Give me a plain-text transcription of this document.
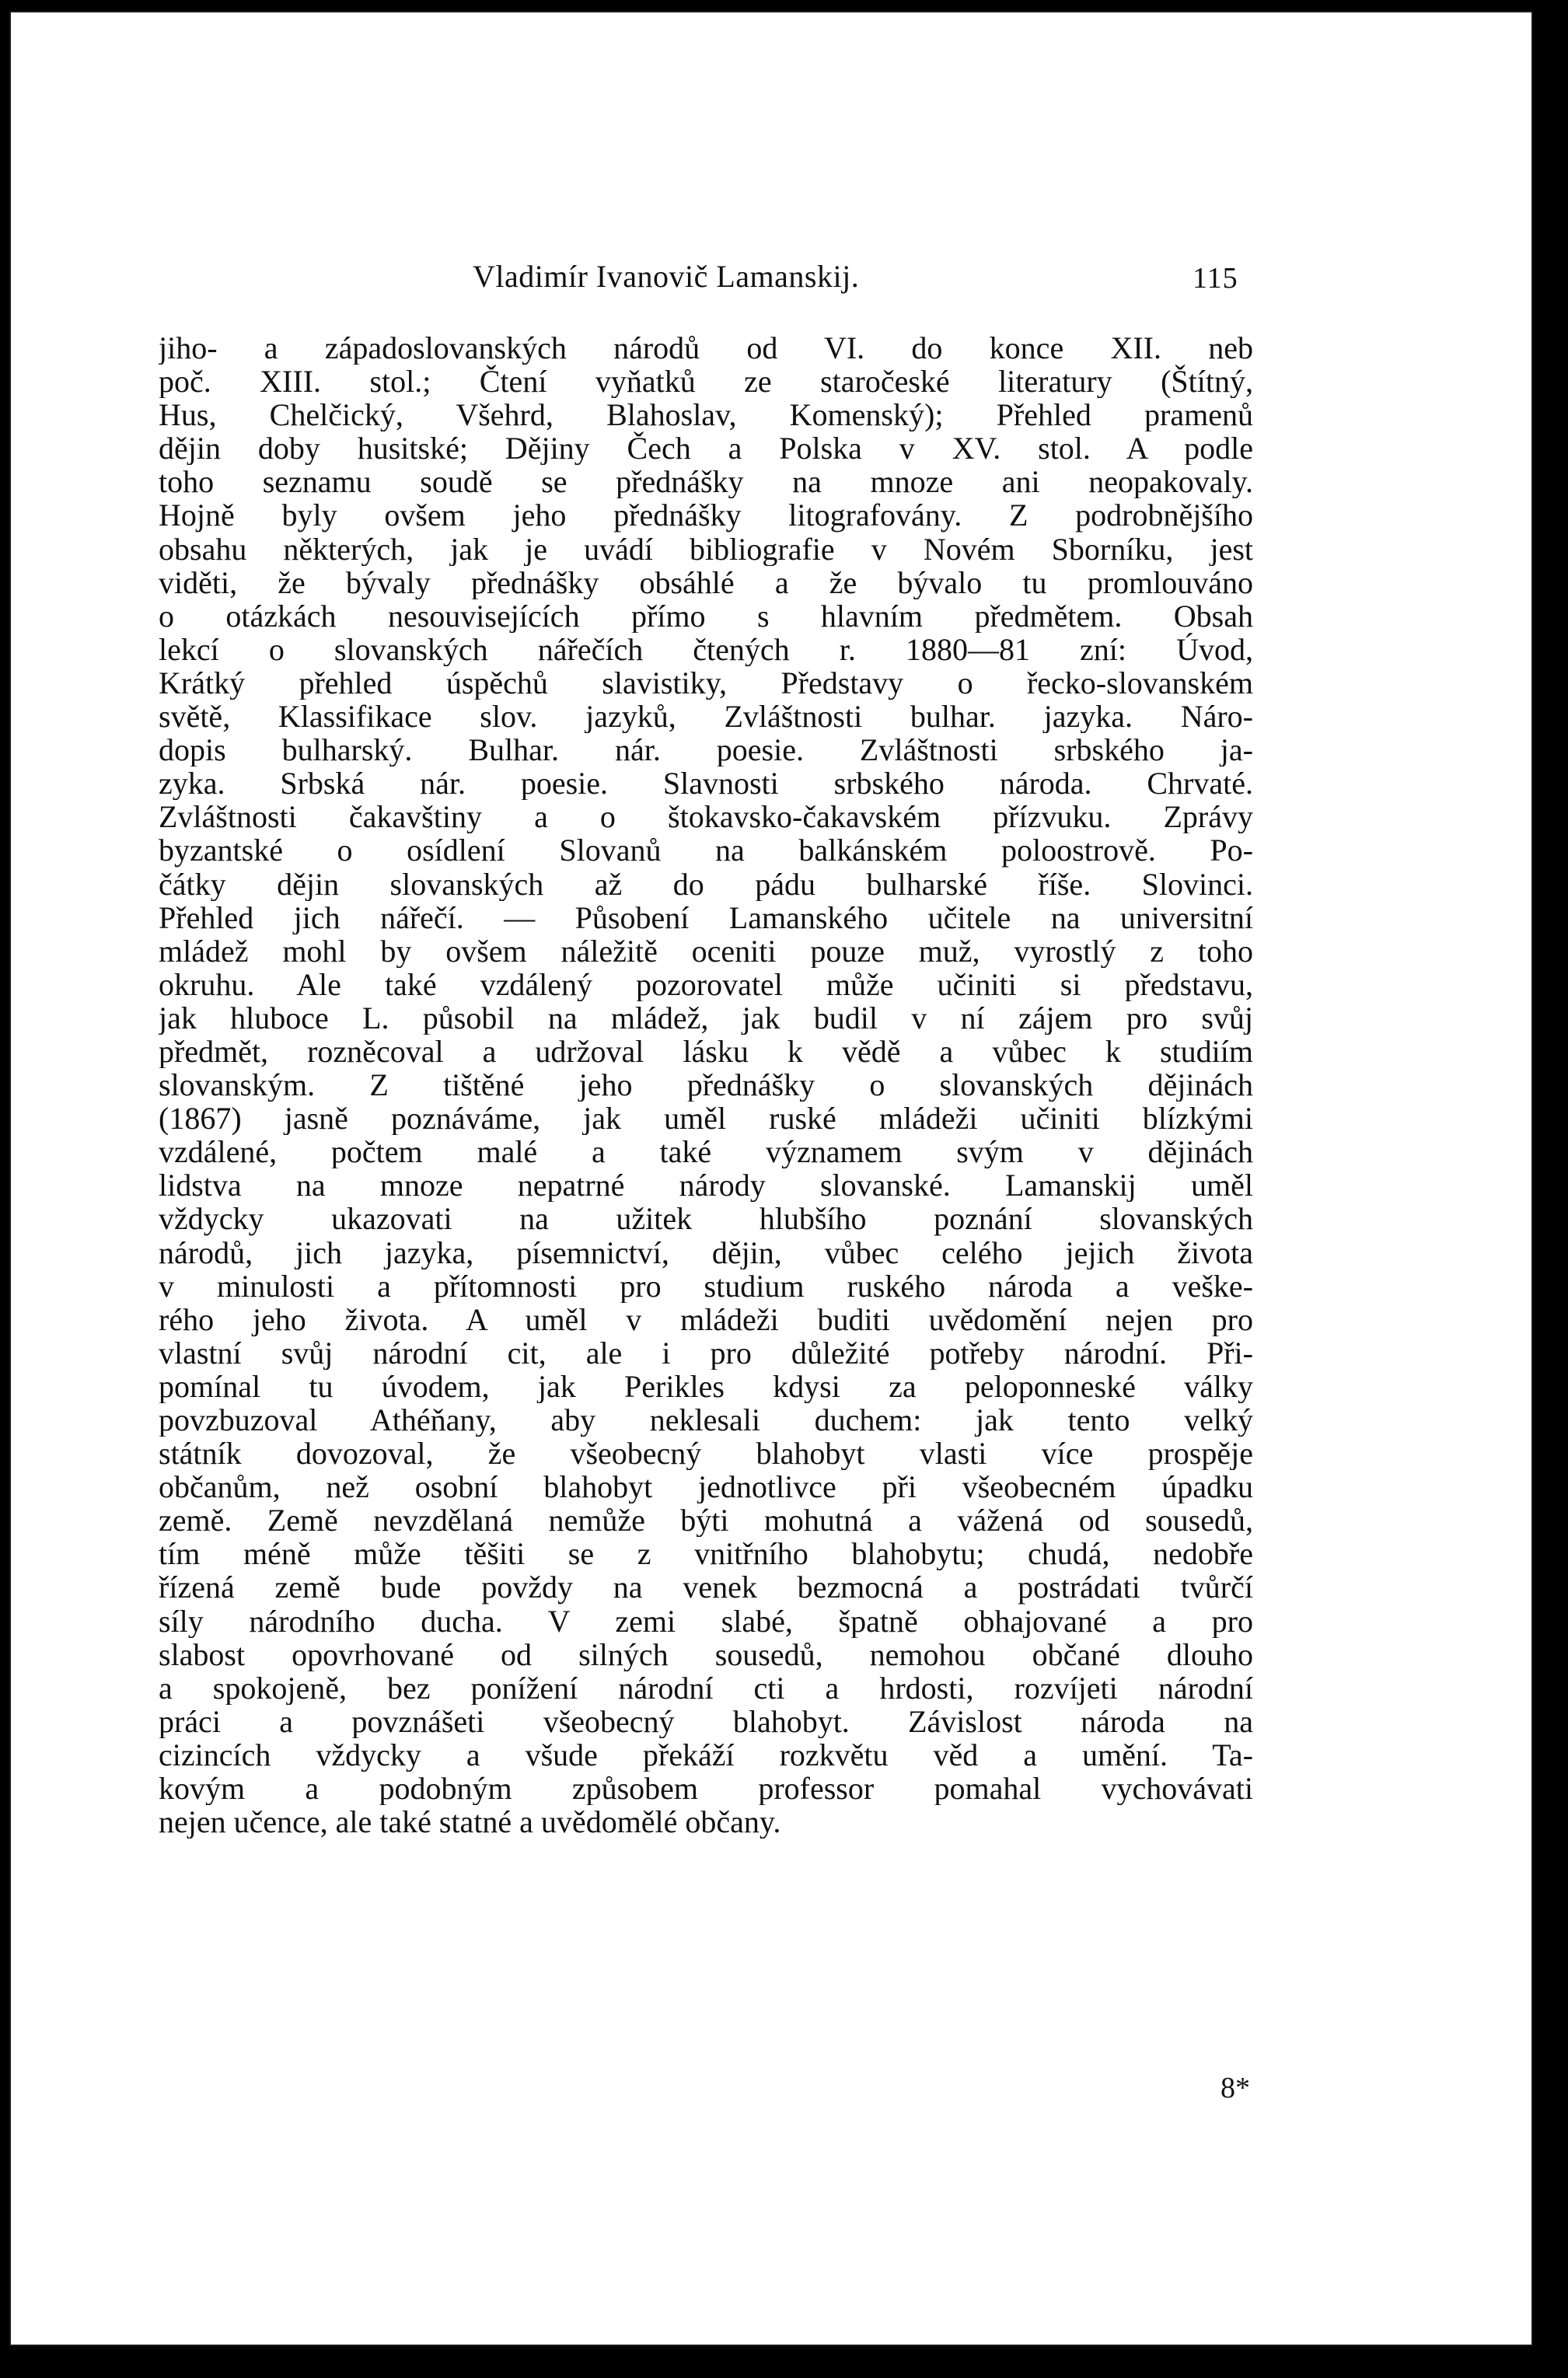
Vladimír Ivanovič Lamanskij.	115
jiho- a západoslovanských národů od VI. do konce XII. neb
poč. XIII. stol.; Čtení vyňatků ze staročeské literatury (Štítný,
Hus, Chelčický, Všehrd, Blahoslav, Komenský); Přehled pramenů
dějin doby husitské; Dějiny Čech a Polska v XV. stol. A podle
toho seznamu soudě se přednášky na mnoze ani neopakovaly.
Hojně byly ovšem jeho přednášky litografovány. Z podrobnějšího
obsahu některých, jak je uvádí bibliografie v Novém Sborníku, jest
viděti, že bývaly přednášky obsáhlé a že bývalo tu promlouváno
o otázkách nesouvisejících přímo s hlavním předmětem. Obsah
lekcí o slovanských nářečích čtených r. 1880—81 zní: Úvod,
Krátký přehled úspěchů slavistiky, Představy o řecko-slovanském
světě, Klassifikace slov. jazyků, Zvláštnosti bulhar. jazyka. Náro-
dopis bulharský. Bulhar. nár. poesie. Zvláštnosti srbského ja-
zyka. Srbská nár. poesie. Slavnosti srbského národa. Chrvaté.
Zvláštnosti čakavštiny a o štokavsko-čakavském přízvuku. Zprávy
byzantské o osídlení Slovanů na balkánském poloostrově. Po-
čátky dějin slovanských až do pádu bulharské říše. Slovinci.
Přehled jich nářečí. — Působení Lamanského učitele na universitní
mládež mohl by ovšem náležitě oceniti pouze muž, vyrostlý z toho
okruhu. Ale také vzdálený pozorovatel může učiniti si představu,
jak hluboce L. působil na mládež, jak budil v ní zájem pro svůj
předmět, rozněcoval a udržoval lásku k vědě a vůbec k studiím
slovanským. Z tištěné jeho přednášky o slovanských dějinách
(1867) jasně poznáváme, jak uměl ruské mládeži učiniti blízkými
vzdálené, počtem malé a také významem svým v dějinách
lidstva na mnoze nepatrné národy slovanské. Lamanskij uměl
vždycky ukazovati na užitek hlubšího poznání slovanských
národů, jich jazyka, písemnictví, dějin, vůbec celého jejich života
v minulosti a přítomnosti pro studium ruského národa a veške-
rého jeho života. A uměl v mládeži buditi uvědomění nejen pro
vlastní svůj národní cit, ale i pro důležité potřeby národní. Při-
pomínal tu úvodem, jak Perikles kdysi za peloponneské války
povzbuzoval Athéňany, aby neklesali duchem: jak tento velký
státník dovozoval, že všeobecný blahobyt vlasti více prospěje
občanům, než osobní blahobyt jednotlivce při všeobecném úpadku
země. Země nevzdělaná nemůže býti mohutná a vážená od sousedů,
tím méně může těšiti se z vnitřního blahobytu; chudá, nedobře
řízená země bude povždy na venek bezmocná a postrádati tvůrčí
síly národního ducha. V zemi slabé, špatně obhajované a pro
slabost opovrhované od silných sousedů, nemohou občané dlouho
a spokojeně, bez ponížení národní cti a hrdosti, rozvíjeti národní
práci a povznášeti všeobecný blahobyt. Závislost národa na
cizincích vždycky a všude překáží rozkvětu věd a umění. Ta-
kovým a podobným způsobem professor pomahal vychovávati
nejen učence, ale také statné a uvědomělé občany.
8*
